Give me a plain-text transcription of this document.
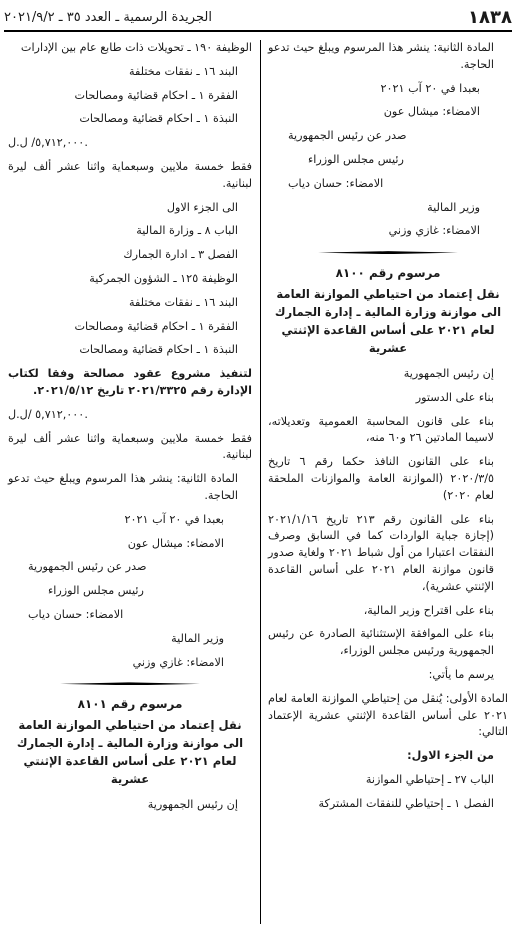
١٨٣٨
الجريدة الرسمية ـ العدد ٣٥ ـ ٢٠٢١/٩/٢

المادة الثانية: ينشر هذا المرسوم ويبلغ حيث تدعو الحاجة.

بعبدا في ٢٠ آب ٢٠٢١

الامضاء: ميشال عون

صدر عن رئيس الجمهورية

رئيس مجلس الوزراء

الامضاء: حسان دياب

وزير المالية

الامضاء: غازي وزني

مرسوم رقم ٨١٠٠
نقل إعتماد من احتياطي الموازنة العامة الى موازنة وزارة المالية ـ إدارة الجمارك لعام ٢٠٢١ على أساس القاعدة الإثنتي عشرية

إن رئيس الجمهورية

بناء على الدستور

بناء على قانون المحاسبة العمومية وتعديلاته، لاسيما المادتين ٢٦ و٦٠ منه،

بناء على القانون النافذ حكما رقم ٦ تاريخ ٢٠٢٠/٣/٥ (الموازنة العامة والموازنات الملحقة لعام ٢٠٢٠)

بناء على القانون رقم ٢١٣ تاريخ ٢٠٢١/١/١٦ (إجازة جباية الواردات كما في السابق وصرف النفقات اعتبارا من أول شباط ٢٠٢١ ولغاية صدور قانون موازنة العام ٢٠٢١ على أساس القاعدة الإثنتي عشرية)،

بناء على اقتراح وزير المالية،

بناء على الموافقة الإستثنائية الصادرة عن رئيس الجمهورية ورئيس مجلس الوزراء،

يرسم ما يأتي:

المادة الأولى: يُنقل من إحتياطي الموازنة العامة لعام ٢٠٢١ على أساس القاعدة الإثنتي عشرية الإعتماد التالي:

من الجزء الاول:

الباب ٢٧ ـ إحتياطي الموازنة

الفصل ١ ـ إحتياطي للنفقات المشتركة

الوظيفة ١٩٠ ـ تحويلات ذات طابع عام بين الإدارات

البند ١٦ ـ نفقات مختلفة

الفقرة ١ ـ احكام قضائية ومصالحات

النبذة ١ ـ احكام قضائية ومصالحات

٥,٧١٢,٠٠٠/ ل.ل.

فقط خمسة ملايين وسبعماية واثنا عشر ألف ليرة لبنانية.

الى الجزء الاول

الباب ٨ ـ وزارة المالية

الفصل ٣ ـ ادارة الجمارك

الوظيفة ١٢٥ ـ الشؤون الجمركية

البند ١٦ ـ نفقات مختلفة

الفقرة ١ ـ احكام قضائية ومصالحات

النبذة ١ ـ احكام قضائية ومصالحات

لتنفيذ مشروع عقود مصالحة وفقا لكتاب الإدارة رقم ٢٠٢١/٣٣٢٥ تاريخ ٢٠٢١/٥/١٢.

٥,٧١٢,٠٠٠ /ل.ل.

فقط خمسة ملايين وسبعماية واثنا عشر ألف ليرة لبنانية.

المادة الثانية: ينشر هذا المرسوم ويبلغ حيث تدعو الحاجة.

بعبدا في ٢٠ آب ٢٠٢١

الامضاء: ميشال عون

صدر عن رئيس الجمهورية

رئيس مجلس الوزراء

الامضاء: حسان دياب

وزير المالية

الامضاء: غازي وزني

مرسوم رقم ٨١٠١
نقل إعتماد من احتياطي الموازنة العامة الى موازنة وزارة المالية ـ إدارة الجمارك لعام ٢٠٢١ على أساس القاعدة الإثنتي عشرية

إن رئيس الجمهورية
